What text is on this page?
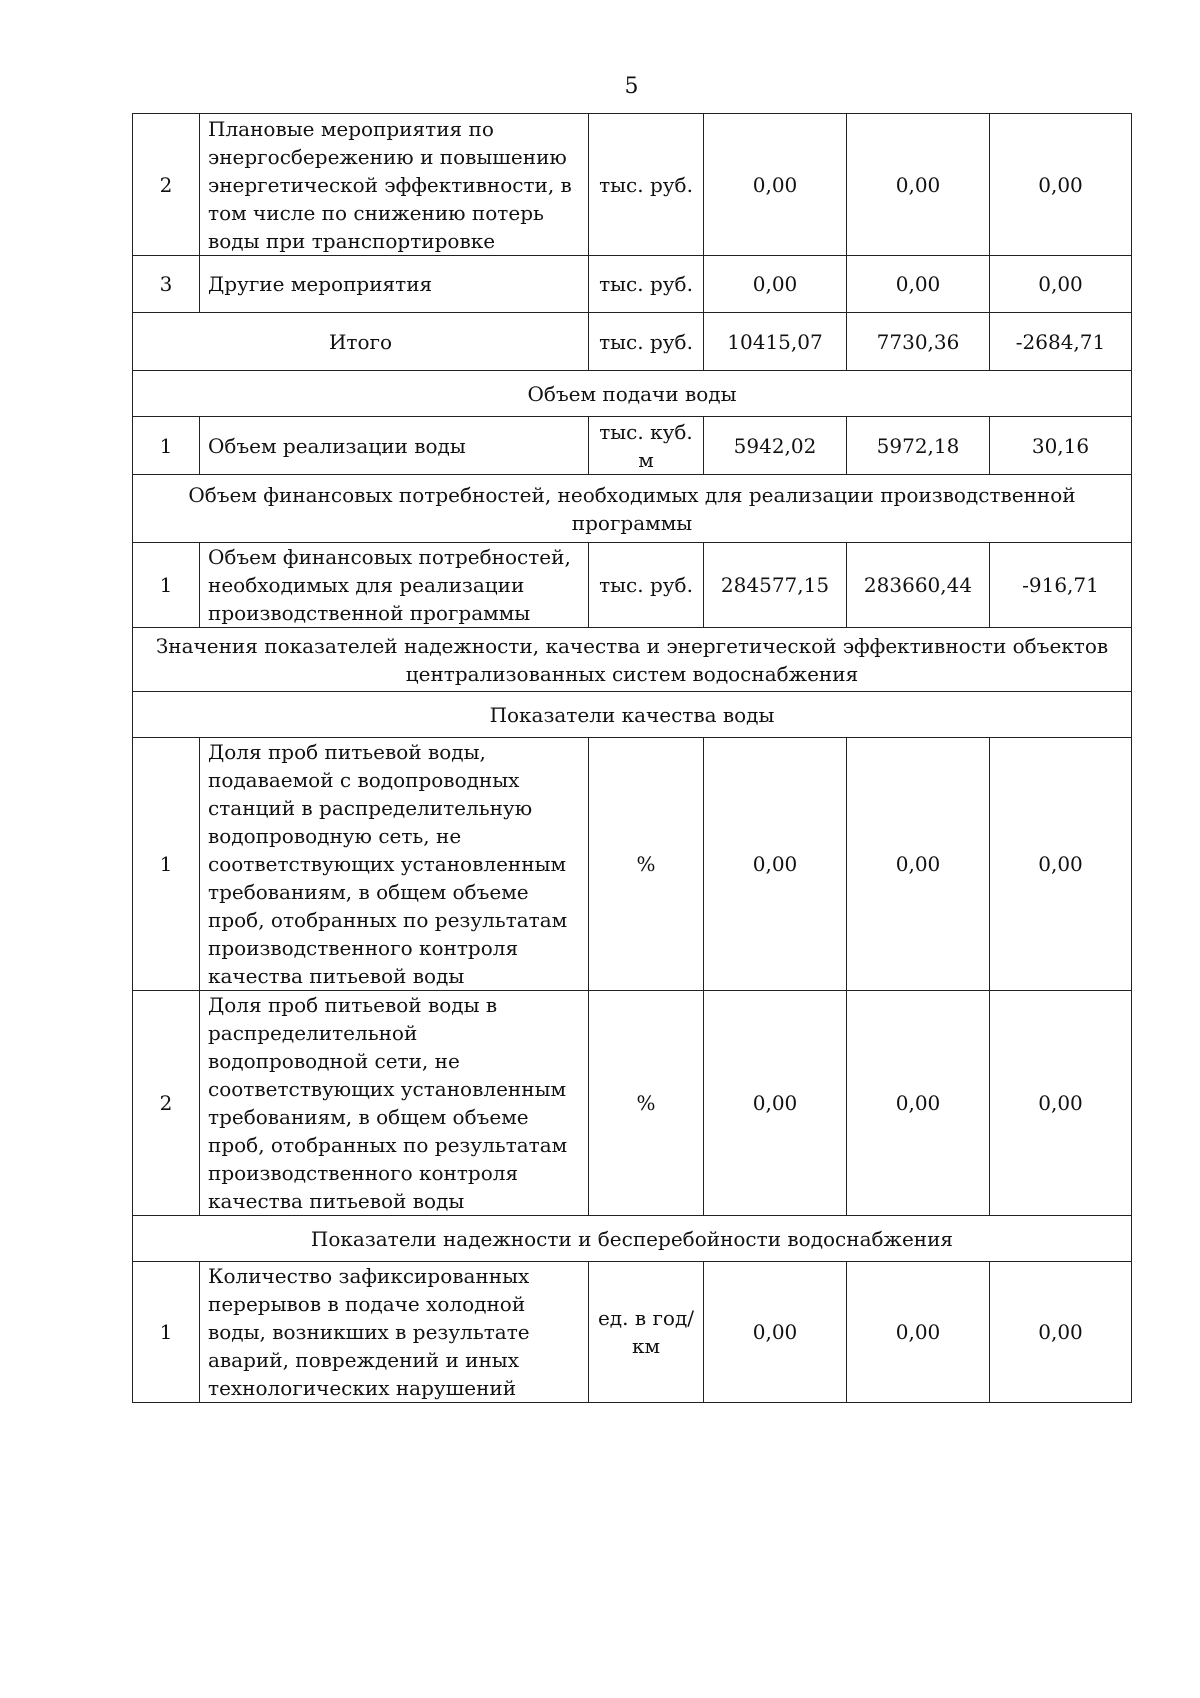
5
2	Плановые мероприятия по энергосбережению и повышению энергетической эффективности, в том числе по снижению потерь воды при транспортировке	тыс. руб.	0,00	0,00	0,00
3	Другие мероприятия	тыс. руб.	0,00	0,00	0,00
Итого		тыс. руб.	10415,07	7730,36	-2684,71
Объем подачи воды					
1	Объем реализации воды	тыс. куб. м	5942,02	5972,18	30,16
Объем финансовых потребностей, необходимых для реализации производственной программы					
1	Объем финансовых потребностей, необходимых для реализации производственной программы	тыс. руб.	284577,15	283660,44	-916,71
Значения показателей надежности, качества и энергетической эффективности объектов централизованных систем водоснабжения					
Показатели качества воды					
1	Доля проб питьевой воды, подаваемой с водопроводных станций в распределительную водопроводную сеть, не соответствующих установленным требованиям, в общем объеме проб, отобранных по результатам производственного контроля качества питьевой воды	%	0,00	0,00	0,00
2	Доля проб питьевой воды в распределительной водопроводной сети, не соответствующих установленным требованиям, в общем объеме проб, отобранных по результатам производственного контроля качества питьевой воды	%	0,00	0,00	0,00
Показатели надежности и бесперебойности водоснабжения					
1	Количество зафиксированных перерывов в подаче холодной воды, возникших в результате аварий, повреждений и иных технологических нарушений	ед. в год/ км	0,00	0,00	0,00
